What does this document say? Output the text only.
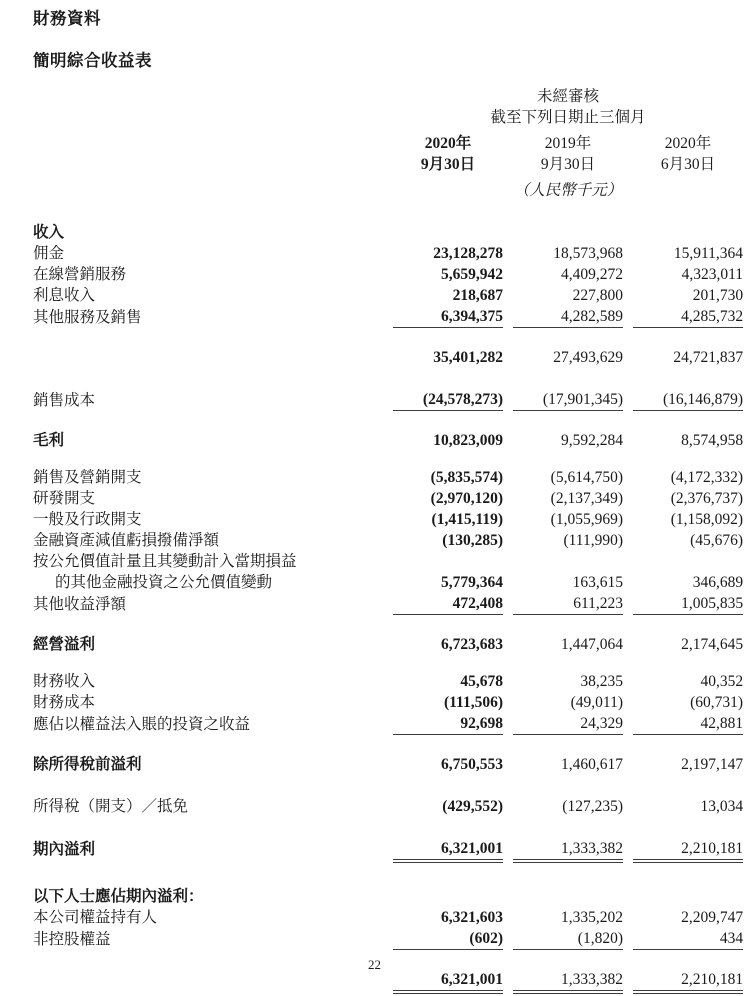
財務資料
簡明綜合收益表
	未經審核				
	截至下列日期止三個月				

	2020年		2019年		2020年
	9月30日		9月30日		6月30日

			（人民幣千元）		

收入					
佣金	23,128,278		18,573,968		15,911,364
在線營銷服務	5,659,942		4,409,272		4,323,011
利息收入	218,687		227,800		201,730
其他服務及銷售	6,394,375		4,282,589		4,285,732

	35,401,282		27,493,629		24,721,837

銷售成本	(24,578,273)		(17,901,345)		(16,146,879)

毛利	10,823,009		9,592,284		8,574,958

銷售及營銷開支	(5,835,574)		(5,614,750)		(4,172,332)
研發開支	(2,970,120)		(2,137,349)		(2,376,737)
一般及行政開支	(1,415,119)		(1,055,969)		(1,158,092)
金融資產減值虧損撥備淨額	(130,285)		(111,990)		(45,676)
按公允價值計量且其變動計入當期損益					
的其他金融投資之公允價值變動	5,779,364		163,615		346,689
其他收益淨額	472,408		611,223		1,005,835

經營溢利	6,723,683		1,447,064		2,174,645

財務收入	45,678		38,235		40,352
財務成本	(111,506)		(49,011)		(60,731)
應佔以權益法入賬的投資之收益	92,698		24,329		42,881

除所得稅前溢利	6,750,553		1,460,617		2,197,147

所得稅（開支）／抵免	(429,552)		(127,235)		13,034

期內溢利	6,321,001		1,333,382		2,210,181

以下人士應佔期內溢利：					
本公司權益持有人	6,321,603		1,335,202		2,209,747
非控股權益	(602)		(1,820)		434

	6,321,001		1,333,382		2,210,181

22
